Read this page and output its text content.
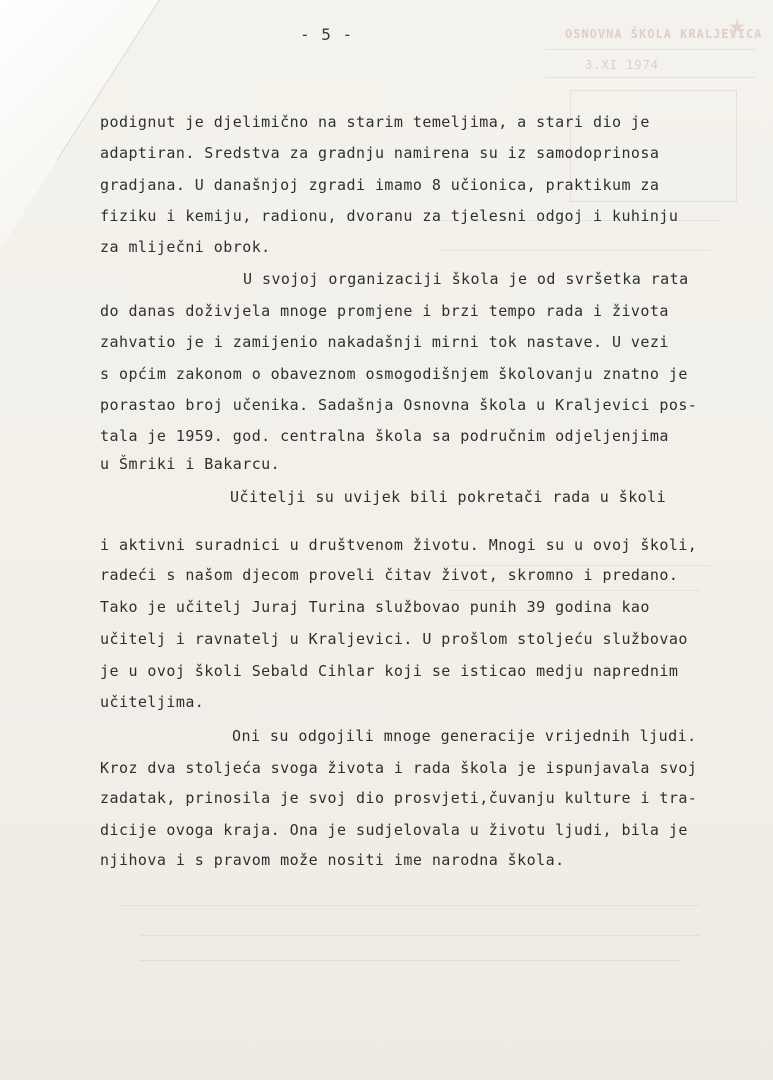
OSNOVNA ŠKOLA KRALJEVICA
3.XI 1974
- 5 -
podignut je djelimično na starim temeljima, a stari dio je
adaptiran. Sredstva za gradnju namirena su iz samodoprinosa
gradjana. U današnjoj zgradi imamo 8 učionica, praktikum za
fiziku i kemiju, radionu, dvoranu za tjelesni odgoj i kuhinju
za mliječni obrok.
U svojoj organizaciji škola je od svršetka rata
do danas doživjela mnoge promjene i brzi tempo rada i života
zahvatio je i zamijenio nakadašnji mirni tok nastave. U vezi
s općim zakonom o obaveznom osmogodišnjem školovanju znatno je
porastao broj učenika. Sadašnja Osnovna škola u Kraljevici pos-
tala je 1959. god. centralna škola sa područnim odjeljenjima
u Šmriki i Bakarcu.
Učitelji su uvijek bili pokretači rada u školi
i aktivni suradnici u društvenom životu. Mnogi su u ovoj školi,
radeći s našom djecom proveli čitav život, skromno i predano.
Tako je učitelj Juraj Turina službovao punih 39 godina kao
učitelj i ravnatelj u Kraljevici. U prošlom stoljeću službovao
je u ovoj školi Sebald Cihlar koji se isticao medju naprednim
učiteljima.
Oni su odgojili mnoge generacije vrijednih ljudi.
Kroz dva stoljeća svoga života i rada škola je ispunjavala svoj
zadatak, prinosila je svoj dio prosvjeti,čuvanju kulture i tra-
dicije ovoga kraja. Ona je sudjelovala u životu ljudi, bila je
njihova i s pravom može nositi ime narodna škola.
